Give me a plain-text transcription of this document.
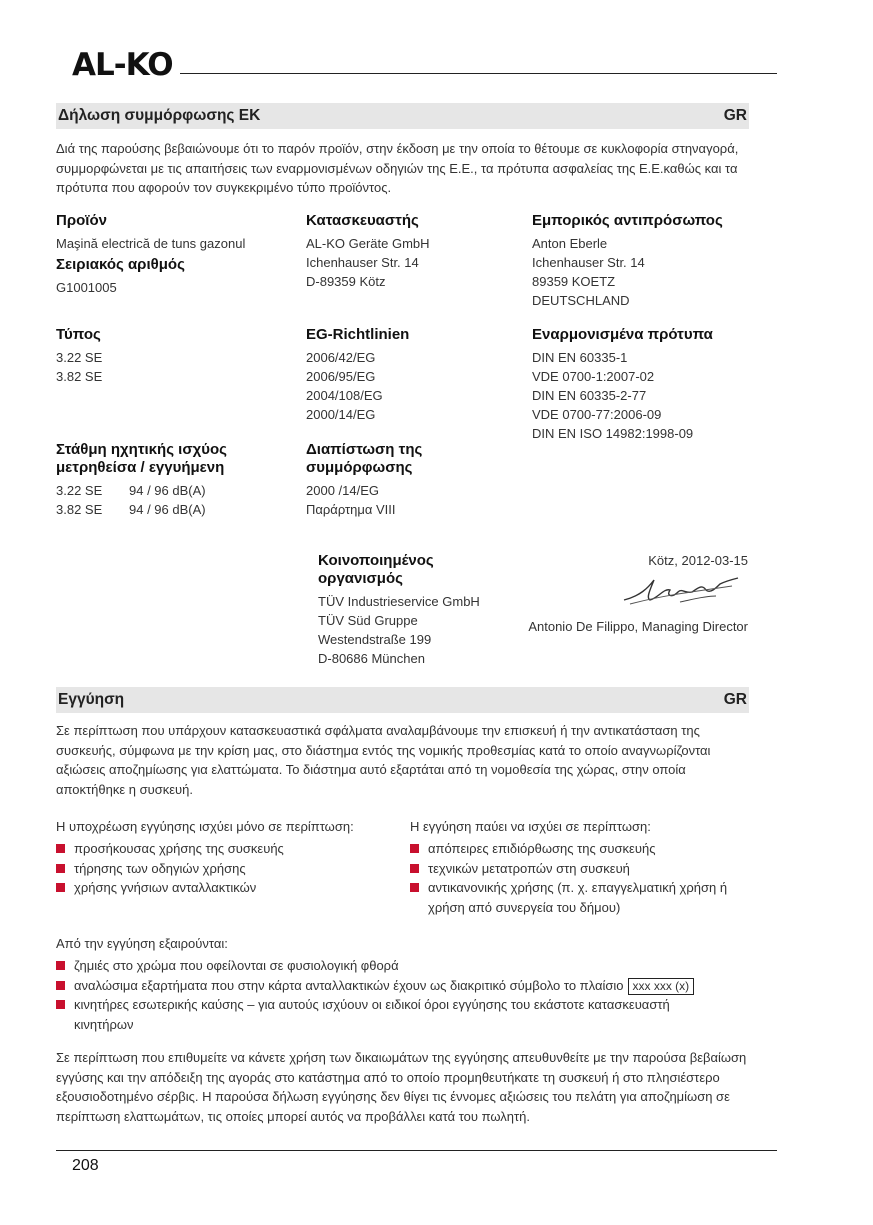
AL-KO
Δήλωση συμμόρφωσης ΕΚ	GR
Διά της παρούσης βεβαιώνουμε ότι το παρόν προϊόν, στην έκδοση με την οποία το θέτουμε σε κυκλοφορία στηναγορά, συμμορφώνεται με τις απαιτήσεις των εναρμονισμένων οδηγιών της Ε.Ε., τα πρότυπα ασφαλείας της Ε.Ε.καθώς και τα πρότυπα που αφορούν τον συγκεκριμένο τύπο προϊόντος.
Προϊόν
Maşină electrică de tuns gazonul
Σειριακός αριθμός
G1001005
Τύπος
3.22 SE
3.82 SE
Στάθμη ηχητικής ισχύος
μετρηθείσα / εγγυήμενη
3.22 SE 94 / 96 dB(A)
3.82 SE 94 / 96 dB(A)
Κατασκευαστής
AL-KO Geräte GmbH
Ichenhauser Str. 14
D-89359 Kötz
EG-Richtlinien
2006/42/EG
2006/95/EG
2004/108/EG
2000/14/EG
Διαπίστωση της
συμμόρφωσης
2000 /14/EG
Παράρτημα VIII
Κοινοποιημένος
οργανισμός
TÜV Industrieservice GmbH
TÜV Süd Gruppe
Westendstraße 199
D-80686 München
Εμπορικός αντιπρόσωπος
Anton Eberle
Ichenhauser Str. 14
89359 KOETZ
DEUTSCHLAND
Εναρμονισμένα πρότυπα
DIN EN 60335-1
VDE 0700-1:2007-02
DIN EN 60335-2-77
VDE 0700-77:2006-09
DIN EN ISO 14982:1998-09
Kötz, 2012-03-15
Antonio De Filippo, Managing Director
Εγγύηση	GR
Σε περίπτωση που υπάρχουν κατασκευαστικά σφάλματα αναλαμβάνουμε την επισκευή ή την αντικατάσταση της συσκευής, σύμφωνα με την κρίση μας, στο διάστημα εντός της νομικής προθεσμίας κατά το οποίο αναγνωρίζονται αξιώσεις αποζημίωσης για ελαττώματα. Το διάστημα αυτό εξαρτάται από τη νομοθεσία της χώρας, στην οποία αποκτήθηκε η συσκευή.
Η υποχρέωση εγγύησης ισχύει μόνο σε περίπτωση:
προσήκουσας χρήσης της συσκευής
τήρησης των οδηγιών χρήσης
χρήσης γνήσιων ανταλλακτικών
Η εγγύηση παύει να ισχύει σε περίπτωση:
απόπειρες επιδιόρθωσης της συσκευής
τεχνικών μετατροπών στη συσκευή
αντικανονικής χρήσης (π. χ. επαγγελματική χρήση ή χρήση από συνεργεία του δήμου)
Από την εγγύηση εξαιρούνται:
ζημιές στο χρώμα που οφείλονται σε φυσιολογική φθορά
αναλώσιμα εξαρτήματα που στην κάρτα ανταλλακτικών έχουν ως διακριτικό σύμβολο το πλαίσιο xxx xxx (x)
κινητήρες εσωτερικής καύσης – για αυτούς ισχύουν οι ειδικοί όροι εγγύησης του εκάστοτε κατασκευαστή κινητήρων
Σε περίπτωση που επιθυμείτε να κάνετε χρήση των δικαιωμάτων της εγγύησης απευθυνθείτε με την παρούσα βεβαίωση εγγύσης και την απόδειξη της αγοράς στο κατάστημα από το οποίο προμηθευτήκατε τη συσκευή ή στο πλησιέστερο εξουσιοδοτημένο σέρβις. Η παρούσα δήλωση εγγύησης δεν θίγει τις έννομες αξιώσεις του πελάτη για αποζημίωση σε περίπτωση ελαττωμάτων, τις οποίες μπορεί αυτός να προβάλλει κατά του πωλητή.
208
